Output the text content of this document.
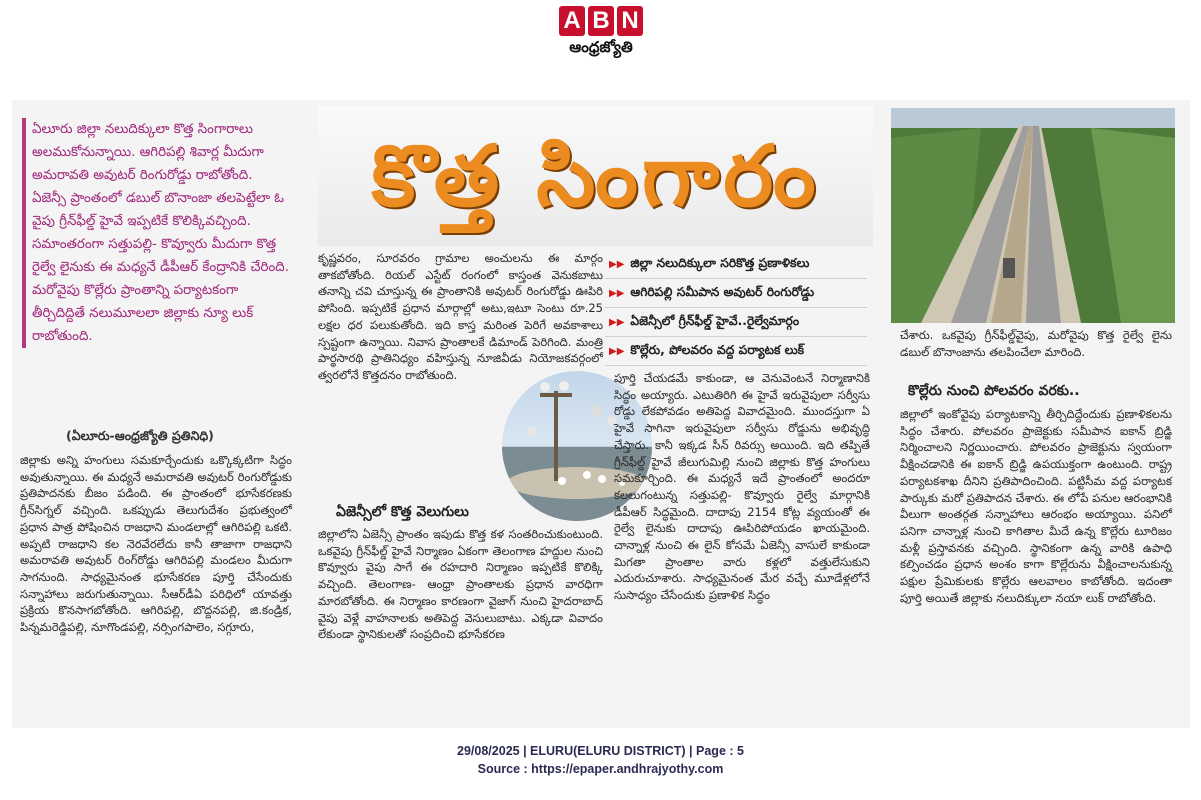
A B N
ఆంధ్రజ్యోతి
ఏలూరు జిల్లా నలుదిక్కులా కొత్త సింగారాలు అలముకోనున్నాయి. ఆగిరిపల్లి శివార్ల మీదుగా అమరావతి అవుటర్ రింగురోడ్డు రాబోతోంది. ఏజెన్సీ ప్రాంతంలో డబుల్ బొనాంజా తలపెట్టేలా ఓ వైపు గ్రీన్‌ఫీల్డ్ హైవే ఇప్పటికే కొలిక్కివచ్చింది. సమాంతరంగా సత్తుపల్లి- కొవ్వూరు మీదుగా కొత్త రైల్వే లైనుకు ఈ మధ్యనే డీపీఆర్ కేంద్రానికి చేరింది. మరోవైపు కొల్లేరు ప్రాంతాన్ని పర్యాటకంగా తీర్చిదిద్దితే నలుమూలలా జిల్లాకు న్యూ లుక్ రాబోతుంది.
(ఏలూరు-ఆంధ్రజ్యోతి ప్రతినిధి)
జిల్లాకు అన్ని హంగులు సమకూర్చేందుకు ఒక్కొక్కటిగా సిద్ధం అవుతున్నాయి. ఈ మధ్యనే అమరావతి అవుటర్ రింగురోడ్డుకు ప్రతిపాదనకు బీజం పడింది. ఈ ప్రాంతంలో భూసేకరణకు గ్రీన్‌సిగ్నల్ వచ్చింది. ఒకప్పుడు తెలుగుదేశం ప్రభుత్వంలో ప్రధాన పాత్ర పోషించిన రాజధాని మండలాల్లో ఆగిరిపల్లి ఒకటి. అప్పటి రాజధాని కల నెరవేరలేదు కానీ తాజాగా రాజధాని అమరావతి అవుటర్ రింగ్‌రోడ్డు ఆగిరిపల్లి మండలం మీదుగా సాగనుంది. సాధ్యమైనంత భూసేకరణ పూర్తి చేసేందుకు సన్నాహాలు జరుగుతున్నాయి. సీఆర్‌డీఏ పరిధిలో యావత్తు ప్రక్రియ కొనసాగబోతోంది. ఆగిరిపల్లి, బొద్దనపల్లి, జి.కండ్రిక, పిన్నమరెడ్డిపల్లి, నూగొండపల్లి, నర్సింగపాలెం, సగ్గూరు,
కొత్త సింగారం
కృష్ణవరం, సూరవరం గ్రామాల అంచులను ఈ మార్గం తాకబోతోంది. రియల్ ఎస్టేట్ రంగంలో కాస్తంత వెనుకబాటు తనాన్ని చవి చూస్తున్న ఈ ప్రాంతానికి అవుటర్ రింగురోడ్డు ఊపిరి పోసింది. ఇప్పటికే ప్రధాన మార్గాల్లో అటు,ఇటూ సెంటు రూ.25 లక్షల ధర పలుకుతోంది. ఇది కాస్త మరింత పెరిగే అవకాశాలు స్పష్టంగా ఉన్నాయి. నివాస ప్రాంతాలకే డిమాండ్ పెరిగింది. మంత్రి పార్థసారథి ప్రాతినిధ్యం వహిస్తున్న నూజివీడు నియోజకవర్గంలో త్వరలోనే కొత్తదనం రాబోతుంది.
ఏజెన్సీలో కొత్త వెలుగులు
జిల్లాలోని ఏజెన్సీ ప్రాంతం ఇపుడు కొత్త కళ సంతరించుకుంటుంది. ఒకవైపు గ్రీన్‌ఫీల్డ్ హైవే నిర్మాణం ఏకంగా తెలంగాణ హద్దుల నుంచి కొవ్వూరు వైపు సాగే ఈ రహదారి నిర్మాణం ఇప్పటికే కొలిక్కి వచ్చింది. తెలంగాణ- ఆంధ్రా ప్రాంతాలకు ప్రధాన వారధిగా మారబోతోంది. ఈ నిర్మాణం కారణంగా వైజాగ్ నుంచి హైదరాబాద్ వైపు వెళ్లే వాహనాలకు అతిపెద్ద వెసులుబాటు. ఎక్కడా వివాదం లేకుండా స్థానికులతో సంప్రదించి భూసేకరణ
▶▶ జిల్లా నలుదిక్కులా సరికొత్త ప్రణాళికలు
▶▶ ఆగిరిపల్లి సమీపాన అవుటర్ రింగురోడ్డు
▶▶ ఏజెన్సీలో గ్రీన్‌ఫీల్డ్ హైవే..రైల్వేమార్గం
▶▶ కొల్లేరు, పోలవరం వద్ద పర్యాటక లుక్
పూర్తి చేయడమే కాకుండా, ఆ వెనువెంటనే నిర్మాణానికి సిద్ధం అయ్యారు. ఎటుతిరిగి ఈ హైవే ఇరువైపులా సర్వీసు రోడ్డు లేకపోవడం అతిపెద్ద వివాదమైంది. ముందస్తుగా ఏ హైవే సాగినా ఇరువైపులా సర్వీసు రోడ్డును అభివృద్ధి చేస్తారు. కానీ ఇక్కడ సీన్ రివర్సు అయింది. ఇది తప్పితే గ్రీన్‌ఫీల్డ్ హైవే జీలుగుమిల్లి నుంచి జిల్లాకు కొత్త హంగులు సమకూర్చింది. ఈ మధ్యనే ఇదే ప్రాంతంలో అందరూ కలలుగంటున్న సత్తుపల్లి- కొవ్వూరు రైల్వే మార్గానికి డీపీఆర్ సిద్ధమైంది. దాదాపు 2154 కోట్ల వ్యయంతో ఈ రైల్వే లైనుకు దాదాపు ఊపిరిపోయడం ఖాయమైంది. చాన్నాళ్ల నుంచి ఈ లైన్ కోసమే ఏజెన్సీ వాసులే కాకుండా మిగతా ప్రాంతాల వారు కళ్లలో వత్తులేసుకుని ఎదురుచూశారు. సాధ్యమైనంత మేర వచ్చే మూడేళ్లలోనే సుసాధ్యం చేసేందుకు ప్రణాళిక సిద్ధం
చేశారు. ఒకవైపు గ్రీన్‌ఫీల్డ్‌వైపు, మరోవైపు కొత్త రైల్వే లైను డబుల్ బొనాంజాను తలపించేలా మారింది.
కొల్లేరు నుంచి పోలవరం వరకు..
జిల్లాలో ఇంకోవైపు పర్యాటకాన్ని తీర్చిదిద్దేందుకు ప్రణాళికలను సిద్ధం చేశారు. పోలవరం ప్రాజెక్టుకు సమీపాన ఐకాన్ బ్రిడ్జి నిర్మించాలని నిర్ణయించారు. పోలవరం ప్రాజెక్టును స్వయంగా వీక్షించడానికి ఈ ఐకాన్ బ్రిడ్జి ఉపయుక్తంగా ఉంటుంది. రాష్ట్ర పర్యాటకశాఖ దీనిని ప్రతిపాదించింది. పట్టిసీమ వద్ద పర్యాటక పార్కుకు మరో ప్రతిపాదన చేశారు. ఈ లోపే పనుల ఆరంభానికి వీలుగా అంతర్గత సన్నాహాలు ఆరంభం అయ్యాయి. పనిలో పనిగా చాన్నాళ్ల నుంచి కాగితాల మీదే ఉన్న కొల్లేరు టూరిజం మళ్లీ ప్రస్తావనకు వచ్చింది. స్థానికంగా ఉన్న వారికి ఉపాధి కల్పించడం ప్రధాన అంశం కాగా కొల్లేరును వీక్షించాలనుకున్న పక్షుల ప్రేమికులకు కొల్లేరు ఆలవాలం కాబోతోంది. ఇదంతా పూర్తి అయితే జిల్లాకు నలుదిక్కులా నయా లుక్ రాబోతోంది.
29/08/2025 | ELURU(ELURU DISTRICT) | Page : 5
Source : https://epaper.andhrajyothy.com
